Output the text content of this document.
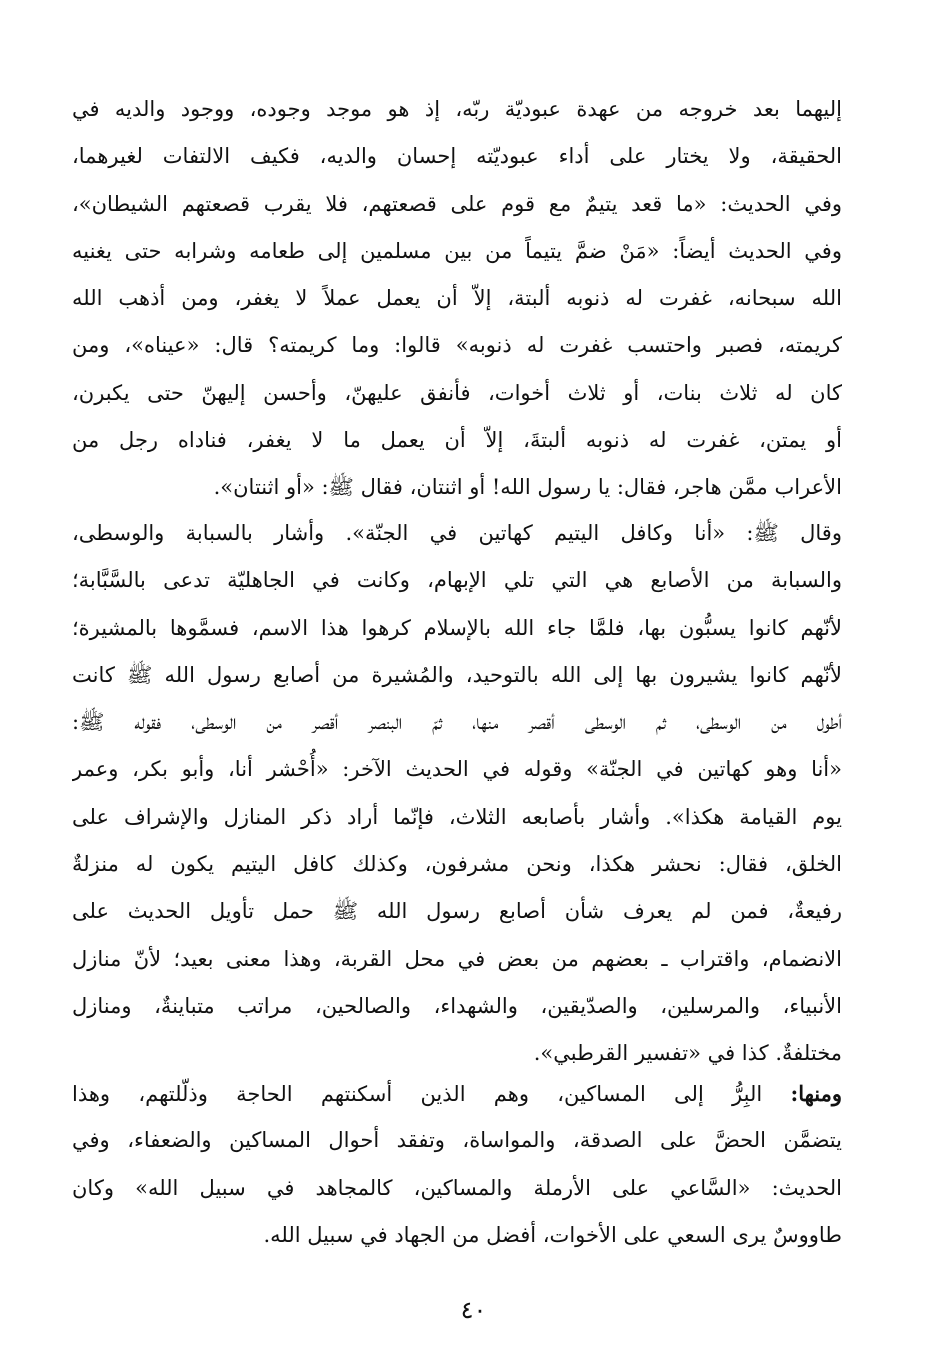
إليهما بعد خروجه من عهدة عبوديّة ربّه، إذ هو موجد وجوده، ووجود والديه في
الحقيقة، ولا يختار على أداء عبوديّته إحسان والديه، فكيف الالتفات لغيرهما،
وفي الحديث: «ما قعد يتيمٌ مع قوم على قصعتهم، فلا يقرب قصعتهم الشيطان»،
وفي الحديث أيضاً: «مَنْ ضمَّ يتيماً من بين مسلمين إلى طعامه وشرابه حتى يغنيه
الله سبحانه، غفرت له ذنوبه ألبتة، إلاّ أن يعمل عملاً لا يغفر، ومن أذهب الله
كريمته، فصبر واحتسب غفرت له ذنوبه» قالوا: وما كريمته؟ قال: «عيناه»، ومن
كان له ثلاث بنات، أو ثلاث أخوات، فأنفق عليهنّ، وأحسن إليهنّ حتى يكبرن،
أو يمتن، غفرت له ذنوبه ألبتةَ، إلاّ أن يعمل ما لا يغفر، فناداه رجل من
الأعراب ممَّن هاجر، فقال: يا رسول الله! أو اثنتان، فقال ﷺ: «أو اثنتان».
وقال ﷺ: «أنا وكافل اليتيم كهاتين في الجنّة». وأشار بالسبابة والوسطى،
والسبابة من الأصابع هي التي تلي الإبهام، وكانت في الجاهليّة تدعى بالسَّبَّابة؛
لأنّهم كانوا يسبُّون بها، فلمَّا جاء الله بالإسلام كرهوا هذا الاسم، فسمَّوها بالمشيرة؛
لأنّهم كانوا يشيرون بها إلى الله بالتوحيد، والمُشيرة من أصابع رسول الله ﷺ كانت
أطول من الوسطى، ثم الوسطى أقصر منها، ثمّ البنصر أقصر من الوسطى، فقوله ﷺ:
«أنا وهو كهاتين في الجنّة» وقوله في الحديث الآخر: «أُحْشر أنا، وأبو بكر، وعمر
يوم القيامة هكذا». وأشار بأصابعه الثلاث، فإنّما أراد ذكر المنازل والإشراف على
الخلق، فقال: نحشر هكذا، ونحن مشرفون، وكذلك كافل اليتيم يكون له منزلةٌ
رفيعةٌ، فمن لم يعرف شأن أصابع رسول الله ﷺ حمل تأويل الحديث على
الانضمام، واقتراب ـ بعضهم من بعض في محل القربة، وهذا معنى بعيد؛ لأنّ منازل
الأنبياء، والمرسلين، والصدّيقين، والشهداء، والصالحين، مراتب متباينةٌ، ومنازل
مختلفةٌ. كذا في «تفسير القرطبي».
ومنها: البِرُّ إلى المساكين، وهم الذين أسكنتهم الحاجة وذلّلتهم، وهذا
يتضمَّن الحضَّ على الصدقة، والمواساة، وتفقد أحوال المساكين والضعفاء، وفي
الحديث: «السَّاعي على الأرملة والمساكين، كالمجاهد في سبيل الله» وكان
طاووسٌ يرى السعي على الأخوات، أفضل من الجهاد في سبيل الله.
٤٠
